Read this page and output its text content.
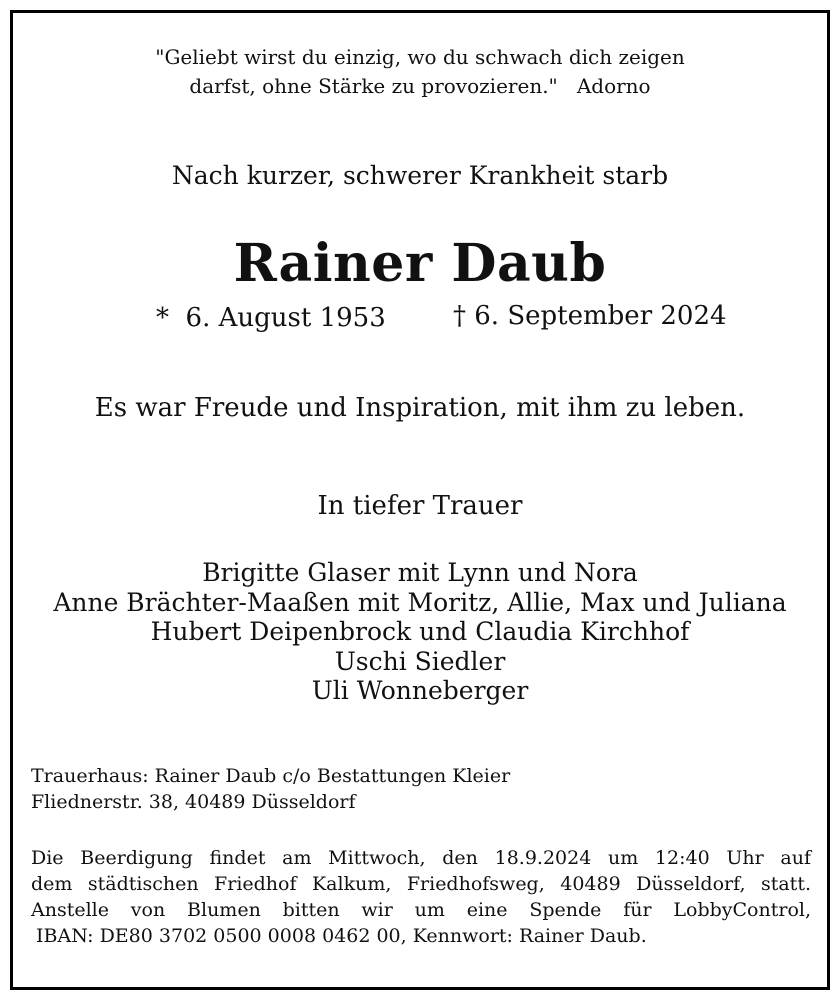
"Geliebt wirst du einzig, wo du schwach dich zeigen
darfst, ohne Stärke zu provozieren."   Adorno
Nach kurzer, schwerer Krankheit starb
Rainer Daub
*  6. August 1953	† 6. September 2024
Es war Freude und Inspiration, mit ihm zu leben.
In tiefer Trauer
Brigitte Glaser mit Lynn und Nora
Anne Brächter-Maaßen mit Moritz, Allie, Max und Juliana
Hubert Deipenbrock und Claudia Kirchhof
Uschi Siedler
Uli Wonneberger
Trauerhaus: Rainer Daub c/o Bestattungen Kleier
Fliednerstr. 38, 40489 Düsseldorf
Die Beerdigung findet am Mittwoch, den 18.9.2024 um 12:40 Uhr auf
dem städtischen Friedhof Kalkum, Friedhofsweg, 40489 Düsseldorf, statt.
Anstelle von Blumen bitten wir um eine Spende für LobbyControl,
IBAN: DE80 3702 0500 0008 0462 00, Kennwort: Rainer Daub.
